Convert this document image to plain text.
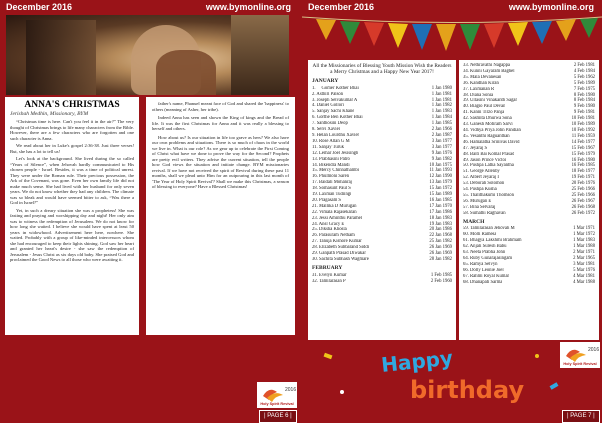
December 2016	www.bymonline.org
ANNA'S CHRISTMAS
Jerishah Medhin, Missionary, BYM

“Christmas time is here. Can't you feel it in the air?” The very thought of Christmas brings to life many characters from the Bible. However, there are a few characters who are forgotten and one such character is Anna.

We read about her in Luke's gospel 2:36-38. Just three verses! But, she has a lot to tell us!

Let's look at the background. She lived during the so called “Years of Silence”, when Jehovah hardly communicated to His chosen people - Israel. Besides, it was a time of political unrest. They were under the Roman rule. Their precious possession, the Ark of the Covenant, was gone. Even her own family life did not make much sense. She had lived with her husband for only seven years. We do not know whether they had any children. The climate was so bleak and would have seemed bitter to ask, “Was there a God in Israel?”

Yet, in such a dreary situation she was a prophetess! She was fasting and praying and worshipping day and night! Her only aim was to witness the redemption of Jerusalem. We do not know for how long she waited. I believe she would have spent at least 50 years in widowhood. Advertisement here here, nowhere. She waited. Probably with a group of like-minded intercessors whom she had encouraged to keep their lights shining. God saw her heart and granted her heart's desire - she saw the redemption of Jerusalem - Jesus Christ as six days old baby. She praised God and proclaimed the Good News to all those who were awaiting it.

father's name, Phanuel meant face of God and shared the 'happiness' to others (meaning of Asher, her tribe).

Indeed Anna has seen and shown the King of kings and the Bread of life. It was the first Christmas for Anna and it was really a blessing to herself and others.

How about us? Is our situation in life too grave as hers? We also have our own problems and situations. There is so much of chaos in the world we live in. What is our role? As we gear up to celebrate the First Coming of Christ what have we done to prove the way for the Second? Prophets are pretty evil writers. They advise the current situation, tell the people how God views the situation and initiate change. BYM missionaries revival. If we have not received the spirit of Revival during these past 11 months, shall we plead unto Him for an outpouring in this last month of 'The Year of Holy Spirit Revival'? Shall we make this Christmas, a season of blessing to everyone? Have a Blessed Christmas!

Anna, (which means 'grace') saw the 'face of God' that
2016
Holy Spirit Revival
| PAGE 6 |
December 2016	www.bymonline.org
All the Missionaries of Blessing Youth Mission Wish the Readers a Merry Christmas and a Happy New Year 2017!
JANUARY
1. Gomer Kother Bhai	1 Jan 1980
2. Asthiri Palson	1 Jan 1981
3. Joseph Selvakumar A	1 Jan 1981
4. Daniel Gollori	1 Jan 1982
5. Sanjay Sachi Khane	1 Jan 1983
6. Gorthe Ben Kother Bhai	1 Jan 1984
7. Santhosini Deop	1 Jan 1985
8. Selvi Xavier	2 Jan 1966
9. Helan Lourdhu Xavier	2 Jan 1987
10. Rose Allan G M	3 Jan 1977
11. Sanjay Turuk	3 Jan 1977
12. Lemar Joel Jesisingh	9 Jan 1976
13. Prabhasini Patro	9 Jan 1982
14. Bikendra Mandi	10 Jan 1975
15. Mercy Chinnathambi	11 Jan 1993
16. Phulmoni Saren	12 Jan 1990
17. Baidali Mohanraj	13 Jan 1979
18. Somasunt Paul S	15 Jan 1972
19. Laxman Tudiingi	15 Jan 1989
20. Pragasam S	16 Jan 1985
21. Mallika D Murugan	17 Jan 1970
22. Vimala Rajasekaran	17 Jan 1986
23. Jessi Aminthu Paramel	18 Jan 1983
24. Ansl Gracy E	19 Jan 1983
25. Diksha Khosla	20 Jan 1986
26. Parasuram Netham	22 Jan 1968
27. Tanuja Kishore Kumar	25 Jan 1982
28. Elizabeth Subbarand Siddi	26 Jan 1969
29. Ganpath Prasad Diwakar	26 Jan 1969
30. Sachita Subhash Wagmare	28 Jan 1982
FEBRUARY
31. Evelyn Kumar	1 Feb 1985
32. Tamilarasan P	2 Feb 1960
33. Nethravathi Nagappa	2 Feb 1981
34. Kunni Gayaram Baghel	4 Feb 1984
35. Mala Devanesan	5 Feb 1962
36. Kandhan Kiran	5 Feb 1989
37. Laxmanan R	7 Feb 1975
38. Diana Sonia	8 Feb 1980
39. Ullasini Vinakanth Sagar	8 Feb 1984
40. Biagio Paul Devan	9 Feb 1980
41. Kanni Tirzo Panja	9 Feb 1981
42. Sasmita Dhurwa Sona	10 Feb 1981
43. Ganesh Motiram Sarvi	10 Feb 1989
44. Vidhya Priya John Pandian	10 Feb 1992
45. Vesanthi Raguanthan	11 Feb 1959
46. Hamalatha Srinivas David	14 Feb 1977
47. Jeyaraj S	15 Feb 1967
48. Baiti Bai Komal Prasad	15 Feb 1979
49. Jason Prince Victor	16 Feb 1980
50. Pushpa Latha Sayantha	16 Feb 1985
51. George Allenby	18 Feb 1977
52. Albert Jeyaraj I	19 Feb 1971
53. Deborah Solomon	20 Feb 1976
54. Pushpa Kusha	25 Feb 1966
55. Thalithakumi Thomson	25 Feb 1966
56. Murugan E	26 Feb 1967
57. Bina Selvaraj	26 Feb 1968
58. Sumathi Raghavan	26 Feb 1972
MARCH
59. Tamilarasan Jehovah M	1 Mar 1971
60. Molli Ramesa	1 Mar 1972
61. Bhagya Lakshmi Brahmam	1 Mar 1983
62. Anjali Suresh Babu	1 Mar 1988
63. Neeta Prabha John	2 Mar 1971
64. Ruby Gunarajasingam	2 Mar 1965
65. Ramya Selvyn	3 Mar 1981
66. Dolly Leonie Joel	5 Mar 1976
67. Rahmi Royal Kumar	4 Mar 1981
68. Dhanapati Sarma	4 Mar 1988
Happy
birthday
2016
Holy Spirit Revival
| PAGE 7 |
